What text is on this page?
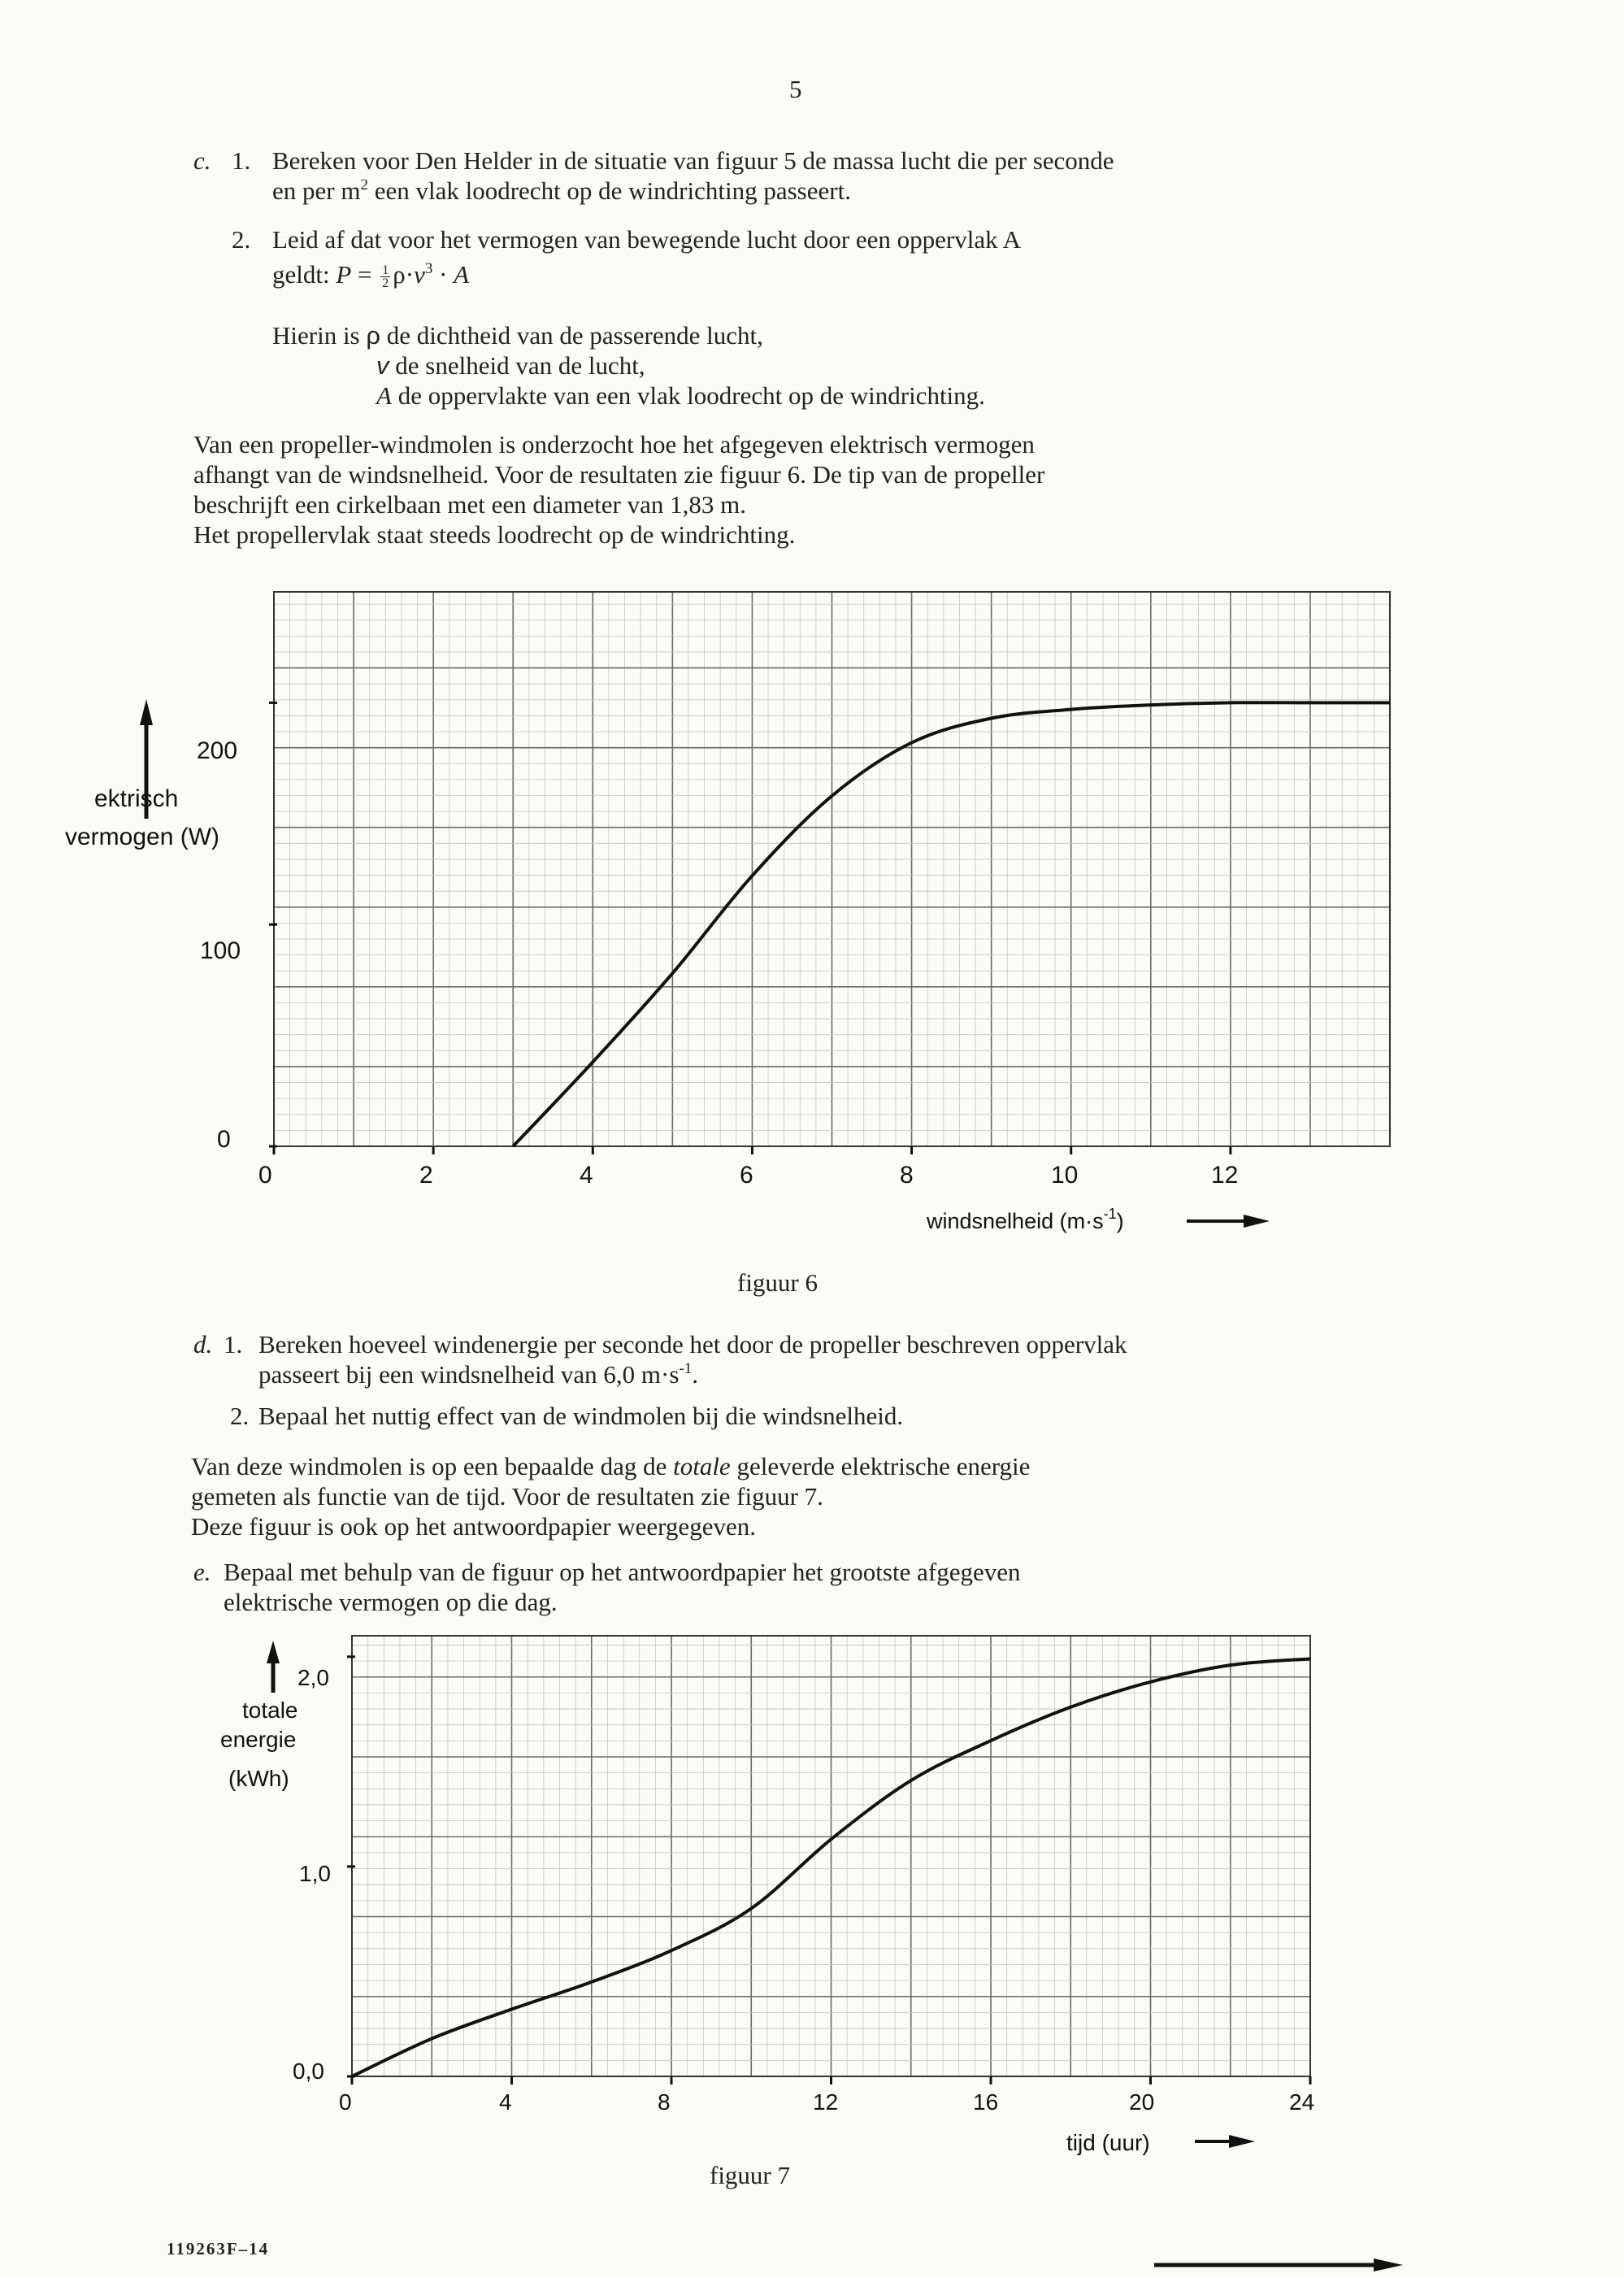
5
c. 1. Bereken voor Den Helder in de situatie van figuur 5 de massa lucht die per seconde
en per $m^2$ een vlak loodrecht op de windrichting passeert.
2. Leid af dat voor het vermogen van bewegende lucht door een oppervlak A
geldt: $P = \frac{1}{2} \rho\cdot v^3 \cdot A$
Hierin is ρ de dichtheid van de passerende lucht,
v de snelheid van de lucht,
A de oppervlakte van een vlak loodrecht op de windrichting.
Van een propeller-windmolen is onderzocht hoe het afgegeven elektrisch vermogen
afhangt van de windsnelheid. Voor de resultaten zie figuur 6. De tip van de propeller
beschrijft een cirkelbaan met een diameter van 1,83 m.
Het propellervlak staat steeds loodrecht op de windrichting.
ektrisch
vermogen (W)
200
100
0
0	2	4	6	8	10	12
windsnelheid $(m\cdot s^{-1})$
figuur 6
d. 1. Bereken hoeveel windenergie per seconde het door de propeller beschreven oppervlak
passeert bij een windsnelheid van 6,0 $m\cdot s^{-1}$.
2. Bepaal het nuttig effect van de windmolen bij die windsnelheid.
Van deze windmolen is op een bepaalde dag de totale geleverde elektrische energie
gemeten als functie van de tijd. Voor de resultaten zie figuur 7.
Deze figuur is ook op het antwoordpapier weergegeven.
e. Bepaal met behulp van de figuur op het antwoordpapier het grootste afgegeven
elektrische vermogen op die dag.
2,0
totale
energie
(kWh)
1,0
0,0
0	4	8	12	16	20	24
tijd (uur)
figuur 7
119263F–14
